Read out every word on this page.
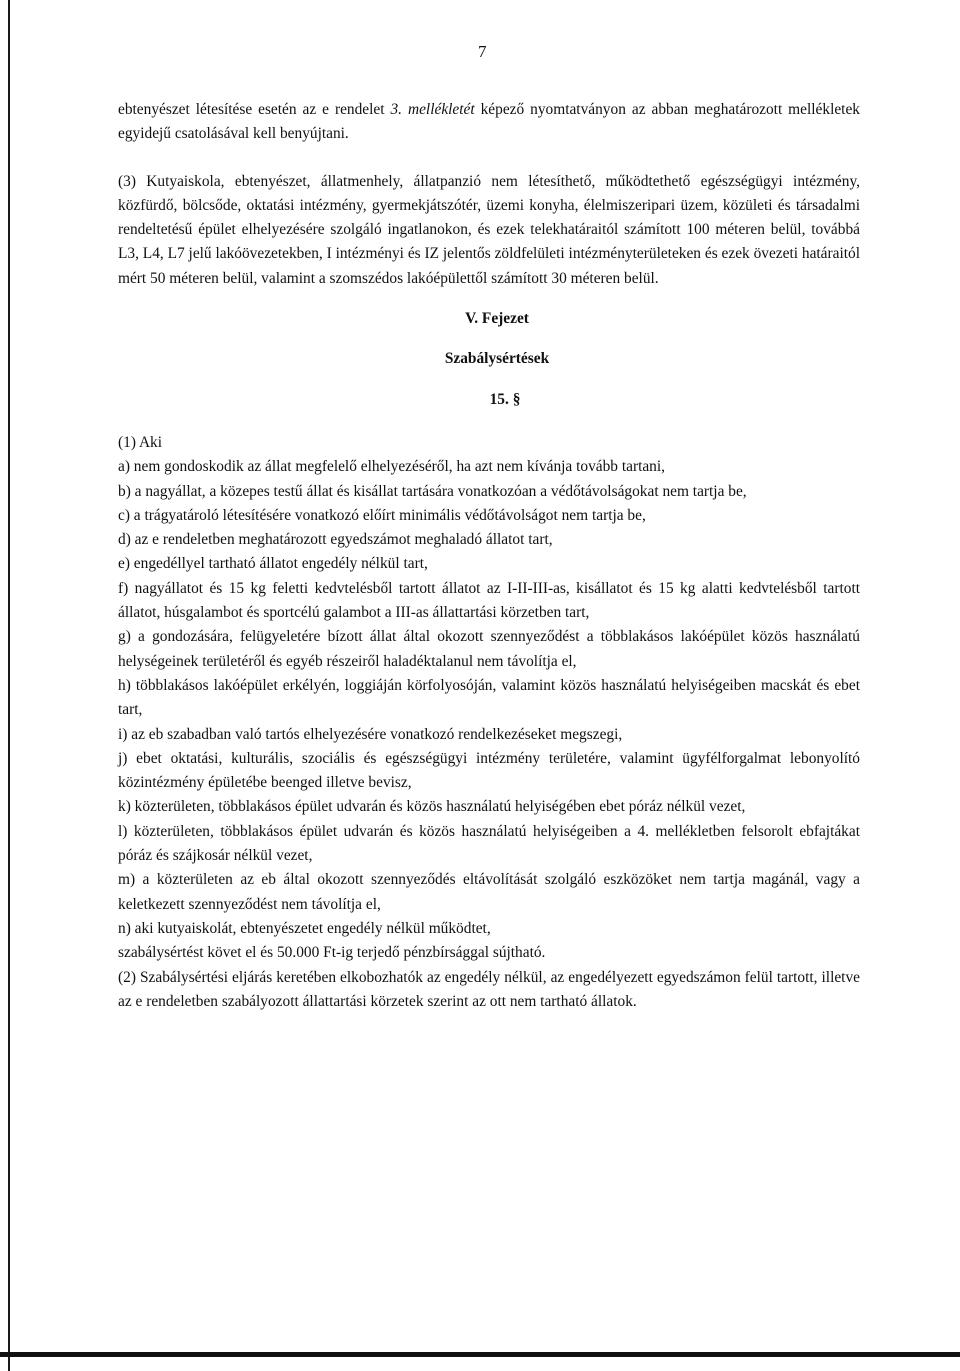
7

ebtenyészet létesítése esetén az e rendelet 3. mellékletét képező nyomtatványon az abban meghatározott mellékletek egyidejű csatolásával kell benyújtani.

(3) Kutyaiskola, ebtenyészet, állatmenhely, állatpanzió nem létesíthető, működtethető egészségügyi intézmény, közfürdő, bölcsőde, oktatási intézmény, gyermekjátszótér, üzemi konyha, élelmiszeripari üzem, közületi és társadalmi rendeltetésű épület elhelyezésére szolgáló ingatlanokon, és ezek telekhatáraitól számított 100 méteren belül, továbbá L3, L4, L7 jelű lakóövezetekben, I intézményi és IZ jelentős zöldfelületi intézményterületeken és ezek övezeti határaitól mért 50 méteren belül, valamint a szomszédos lakóépülettől számított 30 méteren belül.

V. Fejezet
Szabálysértések
15. §

(1) Aki

a) nem gondoskodik az állat megfelelő elhelyezéséről, ha azt nem kívánja tovább tartani,

b) a nagyállat, a közepes testű állat és kisállat tartására vonatkozóan a védőtávolságokat nem tartja be,

c) a trágyatároló létesítésére vonatkozó előírt minimális védőtávolságot nem tartja be,

d) az e rendeletben meghatározott egyedszámot meghaladó állatot tart,

e) engedéllyel tartható állatot engedély nélkül tart,

f) nagyállatot és 15 kg feletti kedvtelésből tartott állatot az I-II-III-as, kisállatot és 15 kg alatti kedvtelésből tartott állatot, húsgalambot és sportcélú galambot a III-as állattartási körzetben tart,

g) a gondozására, felügyeletére bízott állat által okozott szennyeződést a többlakásos lakóépület közös használatú helységeinek területéről és egyéb részeiről haladéktalanul nem távolítja el,

h) többlakásos lakóépület erkélyén, loggiáján körfolyosóján, valamint közös használatú helyiségeiben macskát és ebet tart,

i) az eb szabadban való tartós elhelyezésére vonatkozó rendelkezéseket megszegi,

j) ebet oktatási, kulturális, szociális és egészségügyi intézmény területére, valamint ügyfélforgalmat lebonyolító közintézmény épületébe beenged illetve bevisz,

k) közterületen, többlakásos épület udvarán és közös használatú helyiségében ebet póráz nélkül vezet,

l) közterületen, többlakásos épület udvarán és közös használatú helyiségeiben a 4. mellékletben felsorolt ebfajtákat póráz és szájkosár nélkül vezet,

m) a közterületen az eb által okozott szennyeződés eltávolítását szolgáló eszközöket nem tartja magánál, vagy a keletkezett szennyeződést nem távolítja el,

n) aki kutyaiskolát, ebtenyészetet engedély nélkül működtet,

szabálysértést követ el és 50.000 Ft-ig terjedő pénzbírsággal sújtható.

(2) Szabálysértési eljárás keretében elkobozhatók az engedély nélkül, az engedélyezett egyedszámon felül tartott, illetve az e rendeletben szabályozott állattartási körzetek szerint az ott nem tartható állatok.
